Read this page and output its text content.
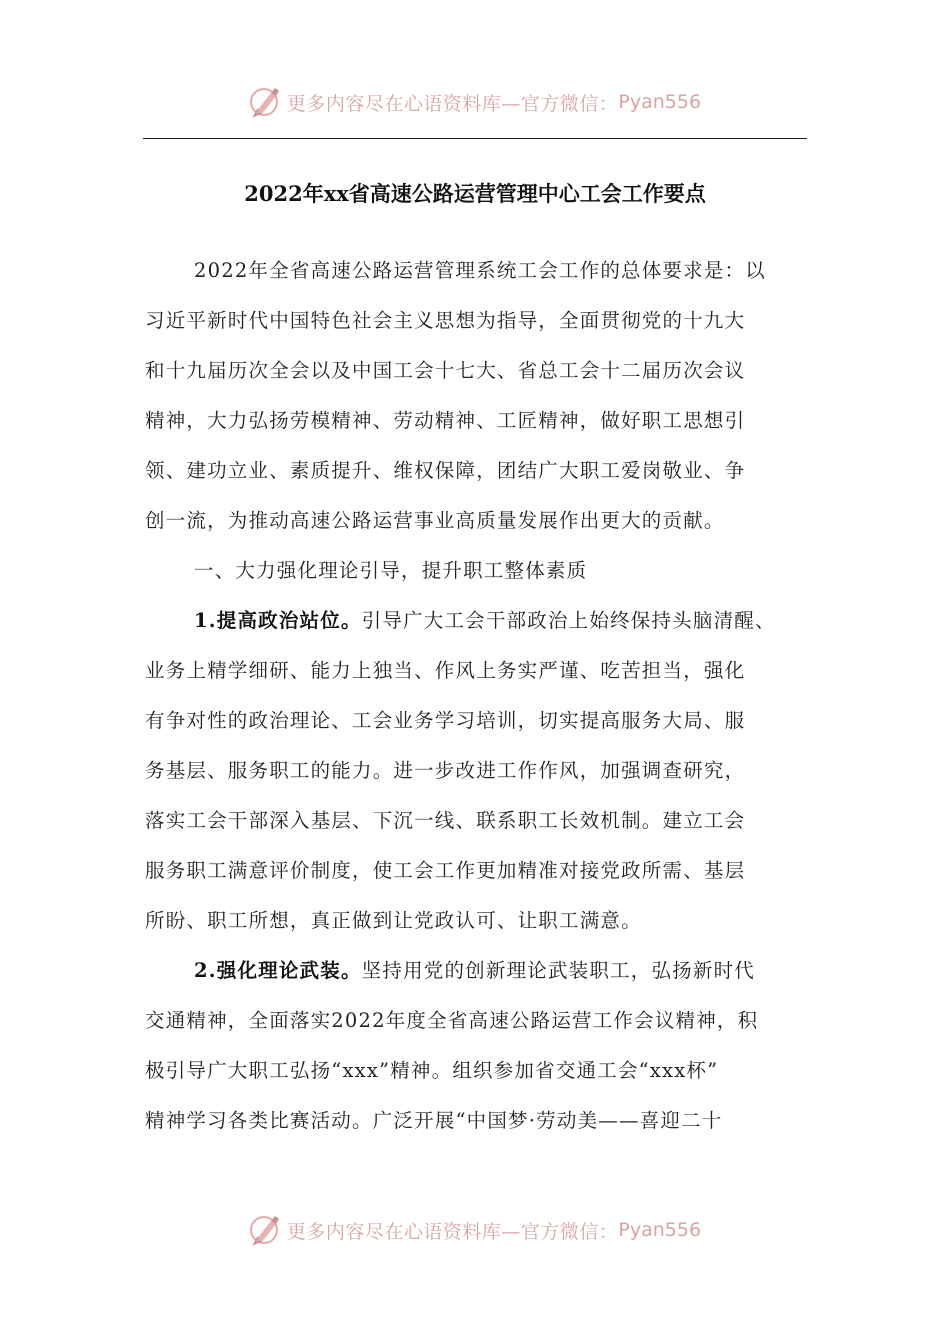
更多内容尽在心语资料库—官方微信： Pyan556
2022年xx省高速公路运营管理中心工会工作要点
2022年全省高速公路运营管理系统工会工作的总体要求是：以
习近平新时代中国特色社会主义思想为指导，全面贯彻党的十九大
和十九届历次全会以及中国工会十七大、省总工会十二届历次会议
精神，大力弘扬劳模精神、劳动精神、工匠精神，做好职工思想引
领、建功立业、素质提升、维权保障，团结广大职工爱岗敬业、争
创一流，为推动高速公路运营事业高质量发展作出更大的贡献。
一、大力强化理论引导，提升职工整体素质
1.提高政治站位。引导广大工会干部政治上始终保持头脑清醒、
业务上精学细研、能力上独当、作风上务实严谨、吃苦担当，强化
有争对性的政治理论、工会业务学习培训，切实提高服务大局、服
务基层、服务职工的能力。进一步改进工作作风，加强调查研究，
落实工会干部深入基层、下沉一线、联系职工长效机制。建立工会
服务职工满意评价制度，使工会工作更加精准对接党政所需、基层
所盼、职工所想，真正做到让党政认可、让职工满意。
2.强化理论武装。坚持用党的创新理论武装职工，弘扬新时代
交通精神，全面落实2022年度全省高速公路运营工作会议精神，积
极引导广大职工弘扬“xxx”精神。组织参加省交通工会“xxx杯”
精神学习各类比赛活动。广泛开展“中国梦·劳动美——喜迎二十
更多内容尽在心语资料库—官方微信： Pyan556
